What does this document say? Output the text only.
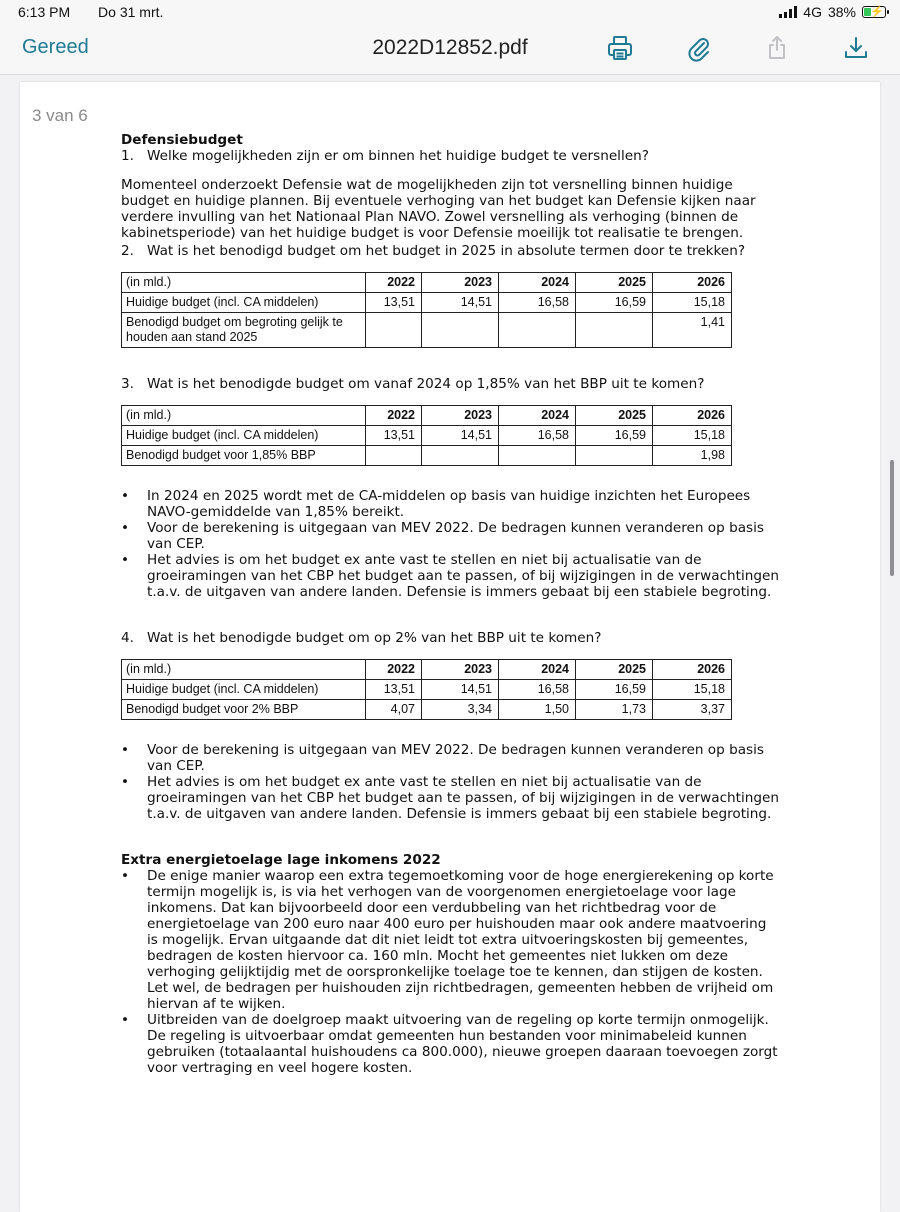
6:13 PM Do 31 mrt.	4G 38% ⚡
Gereed	2022D12852.pdf

Defensiebudget

1. Welke mogelijkheden zijn er om binnen het huidige budget te versnellen?

Momenteel onderzoekt Defensie wat de mogelijkheden zijn tot versnelling binnen huidige budget en huidige plannen. Bij eventuele verhoging van het budget kan Defensie kijken naar verdere invulling van het Nationaal Plan NAVO. Zowel versnelling als verhoging (binnen de kabinetsperiode) van het huidige budget is voor Defensie moeilijk tot realisatie te brengen.

2. Wat is het benodigd budget om het budget in 2025 in absolute termen door te trekken?
(in mld.)	2022	2023	2024	2025	2026
Huidige budget (incl. CA middelen)	13,51	14,51	16,58	16,59	15,18
Benodigd budget om begroting gelijk te houden aan stand 2025					1,41
3. Wat is het benodigde budget om vanaf 2024 op 1,85% van het BBP uit te komen?
(in mld.)	2022	2023	2024	2025	2026
Huidige budget (incl. CA middelen)	13,51	14,51	16,58	16,59	15,18
Benodigd budget voor 1,85% BBP					1,98
• In 2024 en 2025 wordt met de CA-middelen op basis van huidige inzichten het Europees NAVO-gemiddelde van 1,85% bereikt.
• Voor de berekening is uitgegaan van MEV 2022. De bedragen kunnen veranderen op basis van CEP.
• Het advies is om het budget ex ante vast te stellen en niet bij actualisatie van de groeiramingen van het CBP het budget aan te passen, of bij wijzigingen in de verwachtingen t.a.v. de uitgaven van andere landen. Defensie is immers gebaat bij een stabiele begroting.
4. Wat is het benodigde budget om op 2% van het BBP uit te komen?
(in mld.)	2022	2023	2024	2025	2026
Huidige budget (incl. CA middelen)	13,51	14,51	16,58	16,59	15,18
Benodigd budget voor 2% BBP	4,07	3,34	1,50	1,73	3,37
• Voor de berekening is uitgegaan van MEV 2022. De bedragen kunnen veranderen op basis van CEP.
• Het advies is om het budget ex ante vast te stellen en niet bij actualisatie van de groeiramingen van het CBP het budget aan te passen, of bij wijzigingen in de verwachtingen t.a.v. de uitgaven van andere landen. Defensie is immers gebaat bij een stabiele begroting.

Extra energietoelage lage inkomens 2022

• De enige manier waarop een extra tegemoetkoming voor de hoge energierekening op korte termijn mogelijk is, is via het verhogen van de voorgenomen energietoelage voor lage inkomens. Dat kan bijvoorbeeld door een verdubbeling van het richtbedrag voor de energietoelage van 200 euro naar 400 euro per huishouden maar ook andere maatvoering is mogelijk. Ervan uitgaande dat dit niet leidt tot extra uitvoeringskosten bij gemeentes, bedragen de kosten hiervoor ca. 160 mln. Mocht het gemeentes niet lukken om deze verhoging gelijktijdig met de oorspronkelijke toelage toe te kennen, dan stijgen de kosten. Let wel, de bedragen per huishouden zijn richtbedragen, gemeenten hebben de vrijheid om hiervan af te wijken.
• Uitbreiden van de doelgroep maakt uitvoering van de regeling op korte termijn onmogelijk. De regeling is uitvoerbaar omdat gemeenten hun bestanden voor minimabeleid kunnen gebruiken (totaalaantal huishoudens ca 800.000), nieuwe groepen daaraan toevoegen zorgt voor vertraging en veel hogere kosten.
3 van 6
